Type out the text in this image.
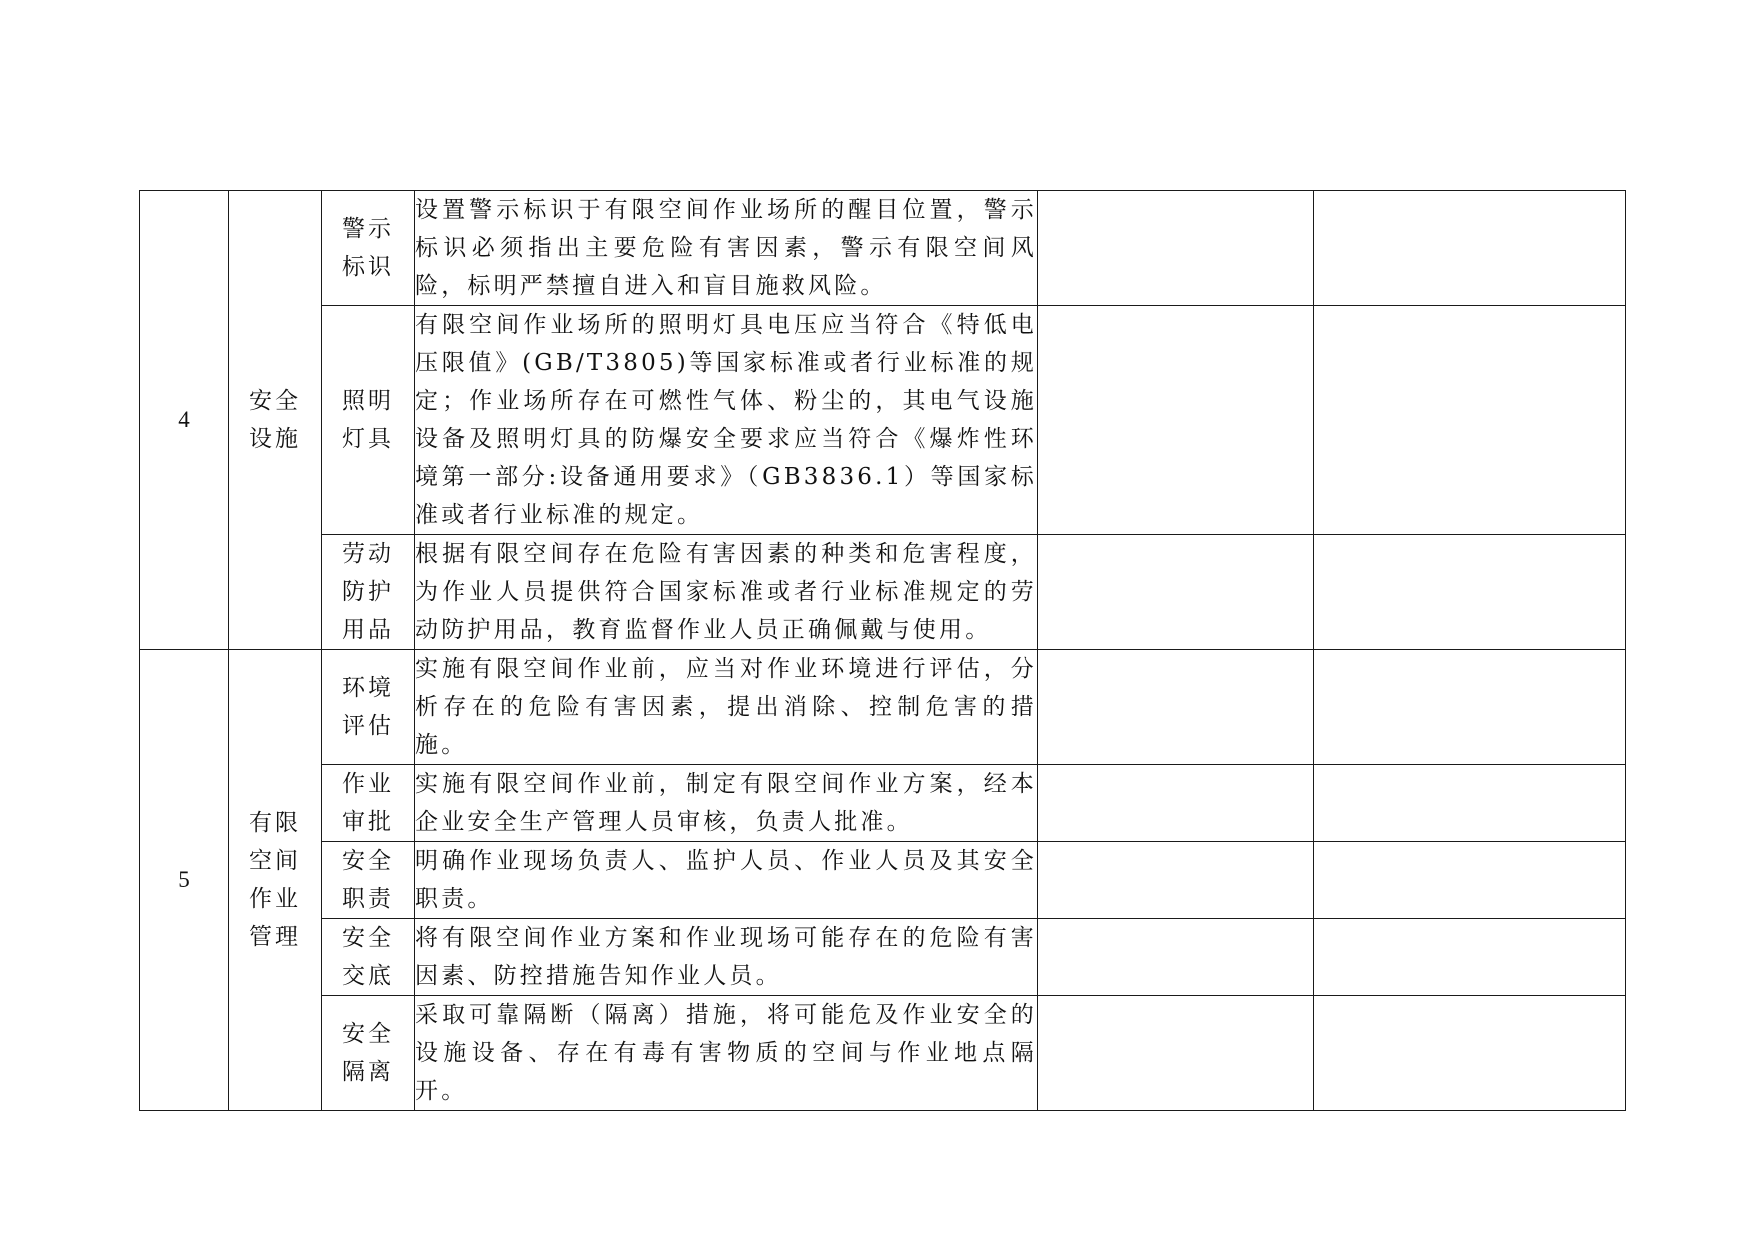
4	安全设施	警示标识	设置警示标识于有限空间作业场所的醒目位置，警示标识必须指出主要危险有害因素，警示有限空间风险，标明严禁擅自进入和盲目施救风险。		
		照明灯具	有限空间作业场所的照明灯具电压应当符合《特低电压限值》(GB/T3805)等国家标准或者行业标准的规定；作业场所存在可燃性气体、粉尘的，其电气设施设备及照明灯具的防爆安全要求应当符合《爆炸性环境第一部分:设备通用要求》（GB3836.1）等国家标准或者行业标准的规定。		
		劳动防护用品	根据有限空间存在危险有害因素的种类和危害程度，为作业人员提供符合国家标准或者行业标准规定的劳动防护用品，教育监督作业人员正确佩戴与使用。		
5	有限空间作业管理	环境评估	实施有限空间作业前，应当对作业环境进行评估，分析存在的危险有害因素，提出消除、控制危害的措施。		
		作业审批	实施有限空间作业前，制定有限空间作业方案，经本企业安全生产管理人员审核，负责人批准。		
		安全职责	明确作业现场负责人、监护人员、作业人员及其安全职责。		
		安全交底	将有限空间作业方案和作业现场可能存在的危险有害因素、防控措施告知作业人员。		
		安全隔离	采取可靠隔断（隔离）措施，将可能危及作业安全的设施设备、存在有毒有害物质的空间与作业地点隔开。		
